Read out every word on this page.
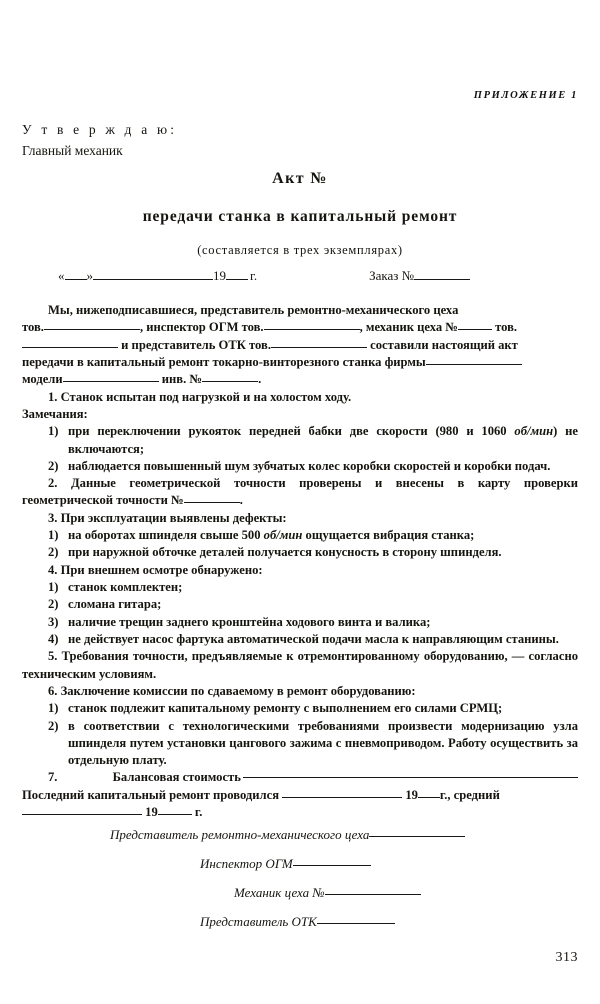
ПРИЛОЖЕНИЕ 1
У т в е р ж д а ю:
Главный механик
Акт №
передачи станка в капитальный ремонт
(составляется в трех экземплярах)
« »	19 г.	Заказ №

Мы, нижеподписавшиеся, представитель ремонтно-механического цеха

тов.	, инспектор ОГМ тов.	, механик цеха №	тов.

и представитель ОТК тов.	составили настоящий акт

передачи в капитальный ремонт токарно-винторезного станка фирмы

модели	инв. №	.

1. Станок испытан под нагрузкой и на холостом ходу.

Замечания:

1) при переключении рукояток передней бабки две скорости (980 и 1060 об/мин) не включаются;
2) наблюдается повышенный шум зубчатых колес коробки скоростей и коробки подач.

2. Данные геометрической точности проверены и внесены в карту проверки геометрической точности №	.

3. При эксплуатации выявлены дефекты:

1) на оборотах шпинделя свыше 500 об/мин ощущается вибрация станка;
2) при наружной обточке деталей получается конусность в сторону шпинделя.

4. При внешнем осмотре обнаружено:

1) станок комплектен;
2) сломана гитара;
3) наличие трещин заднего кронштейна ходового винта и валика;
4) не действует насос фартука автоматической подачи масла к направляющим станины.

5. Требования точности, предъявляемые к отремонтированному оборудованию, — согласно техническим условиям.

6. Заключение комиссии по сдаваемому в ремонт оборудованию:

1) станок подлежит капитальному ремонту с выполнением его силами СРМЦ;
2) в соответствии с технологическими требованиями произвести модернизацию узла шпинделя путем установки цангового зажима с пневмоприводом. Работу осуществить за отдельную плату.

7.
	Балансовая стоимость

Последний капитальный ремонт проводился	19 г., средний

19	г.

Представитель ремонтно-механического цеха
Инспектор ОГМ
Механик цеха №
Представитель ОТК
313
